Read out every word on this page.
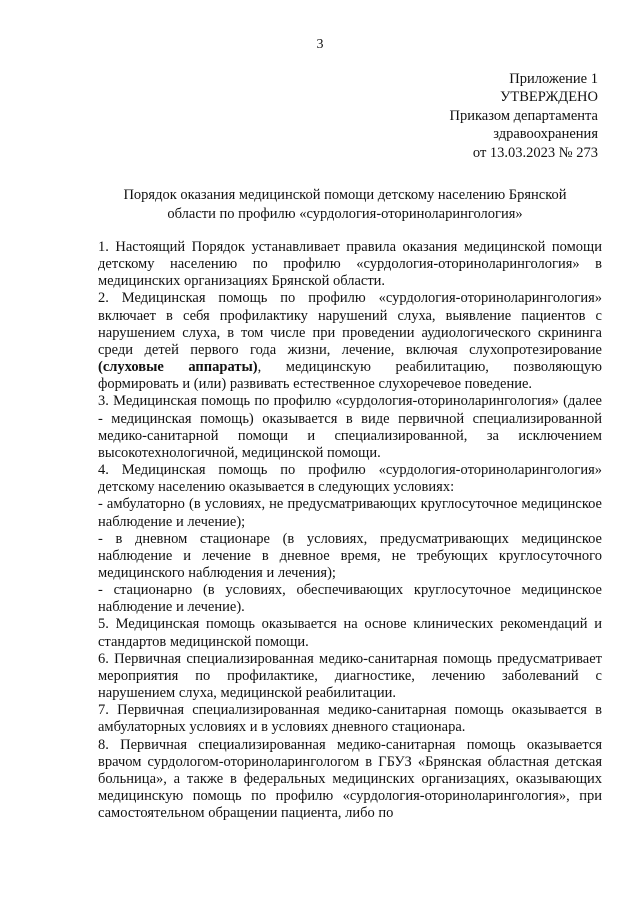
3
Приложение 1
УТВЕРЖДЕНО
Приказом департамента
здравоохранения
от 13.03.2023 № 273
Порядок оказания медицинской помощи детскому населению Брянской
области по профилю «сурдология-оториноларингология»

1. Настоящий Порядок устанавливает правила оказания медицинской помощи детскому населению по профилю «сурдология-оториноларингология» в медицинских организациях Брянской области.

2. Медицинская помощь по профилю «сурдология-оториноларингология» включает в себя профилактику нарушений слуха, выявление пациентов с нарушением слуха, в том числе при проведении аудиологического скрининга среди детей первого года жизни, лечение, включая слухопротезирование (слуховые аппараты), медицинскую реабилитацию, позволяющую формировать и (или) развивать естественное слухоречевое поведение.

3. Медицинская помощь по профилю «сурдология-оториноларингология» (далее - медицинская помощь) оказывается в виде первичной специализированной медико-санитарной помощи и специализированной, за исключением высокотехнологичной, медицинской помощи.

4. Медицинская помощь по профилю «сурдология-оториноларингология» детскому населению оказывается в следующих условиях:

- амбулаторно (в условиях, не предусматривающих круглосуточное медицинское наблюдение и лечение);

- в дневном стационаре (в условиях, предусматривающих медицинское наблюдение и лечение в дневное время, не требующих круглосуточного медицинского наблюдения и лечения);

- стационарно (в условиях, обеспечивающих круглосуточное медицинское наблюдение и лечение).

5. Медицинская помощь оказывается на основе клинических рекомендаций и стандартов медицинской помощи.

6. Первичная специализированная медико-санитарная помощь предусматривает мероприятия по профилактике, диагностике, лечению заболеваний с нарушением слуха, медицинской реабилитации.

7. Первичная специализированная медико-санитарная помощь оказывается в амбулаторных условиях и в условиях дневного стационара.

8. Первичная специализированная медико-санитарная помощь оказывается врачом сурдологом-оториноларингологом в ГБУЗ «Брянская областная детская больница», а также в федеральных медицинских организациях, оказывающих медицинскую помощь по профилю «сурдология-оториноларингология», при самостоятельном обращении пациента, либо по
